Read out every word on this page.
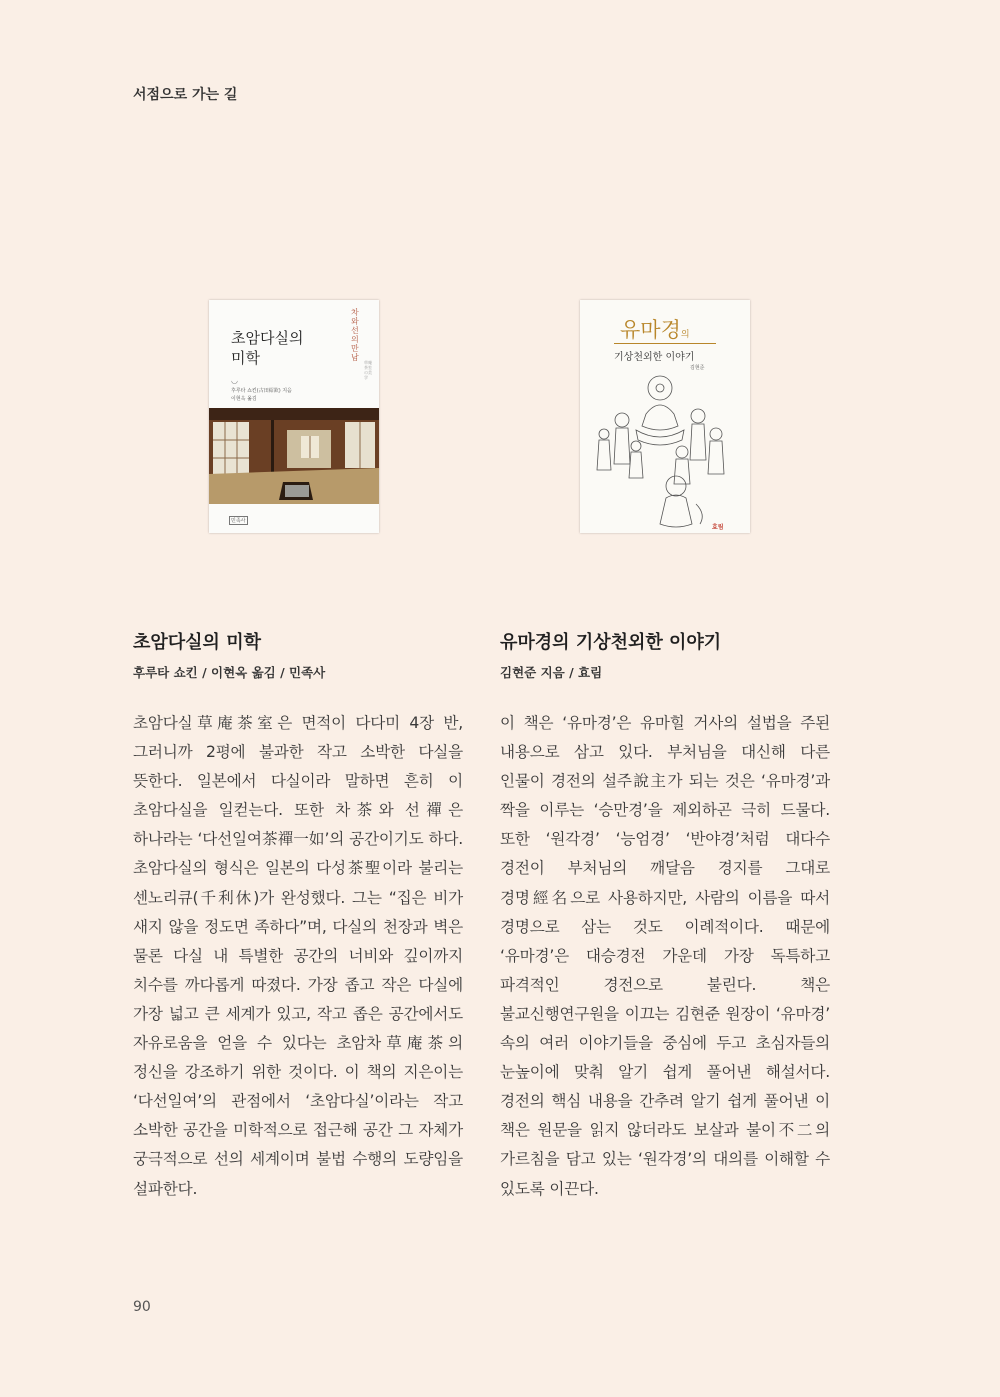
서점으로 가는 길
초암다실의
미학
◡
후루타 쇼킨(古田紹欽) 지음
이현옥 옮김
차와 선의 만남
草庵茶室の美学
민족사
유마경의
기상천외한 이야기
김현준
효림
초암다실의 미학
후루타 쇼킨 / 이현옥 옮김 / 민족사
초암다실草庵茶室은 면적이 다다미 4장 반, 그러니까 2평에 불과한 작고 소박한 다실을 뜻한다. 일본에서 다실이라 말하면 흔히 이 초암다실을 일컫는다. 또한 차茶와 선禪은 하나라는 ‘다선일여茶禪一如’의 공간이기도 하다. 초암다실의 형식은 일본의 다성茶聖이라 불리는 센노리큐(千利休)가 완성했다. 그는 “집은 비가 새지 않을 정도면 족하다”며, 다실의 천장과 벽은 물론 다실 내 특별한 공간의 너비와 깊이까지 치수를 까다롭게 따졌다. 가장 좁고 작은 다실에 가장 넓고 큰 세계가 있고, 작고 좁은 공간에서도 자유로움을 얻을 수 있다는 초암차草庵茶의 정신을 강조하기 위한 것이다. 이 책의 지은이는 ‘다선일여’의 관점에서 ‘초암다실’이라는 작고 소박한 공간을 미학적으로 접근해 공간 그 자체가 궁극적으로 선의 세계이며 불법 수행의 도량임을 설파한다.
유마경의 기상천외한 이야기
김현준 지음 / 효림
이 책은 ‘유마경’은 유마힐 거사의 설법을 주된 내용으로 삼고 있다. 부처님을 대신해 다른 인물이 경전의 설주說主가 되는 것은 ‘유마경’과 짝을 이루는 ‘승만경’을 제외하곤 극히 드물다. 또한 ‘원각경’ ‘능엄경’ ‘반야경’처럼 대다수 경전이 부처님의 깨달음 경지를 그대로 경명經名으로 사용하지만, 사람의 이름을 따서 경명으로 삼는 것도 이례적이다. 때문에 ‘유마경’은 대승경전 가운데 가장 독특하고 파격적인 경전으로 불린다. 책은 불교신행연구원을 이끄는 김현준 원장이 ‘유마경’ 속의 여러 이야기들을 중심에 두고 초심자들의 눈높이에 맞춰 알기 쉽게 풀어낸 해설서다. 경전의 핵심 내용을 간추려 알기 쉽게 풀어낸 이 책은 원문을 읽지 않더라도 보살과 불이不二의 가르침을 담고 있는 ‘원각경’의 대의를 이해할 수 있도록 이끈다.
90
